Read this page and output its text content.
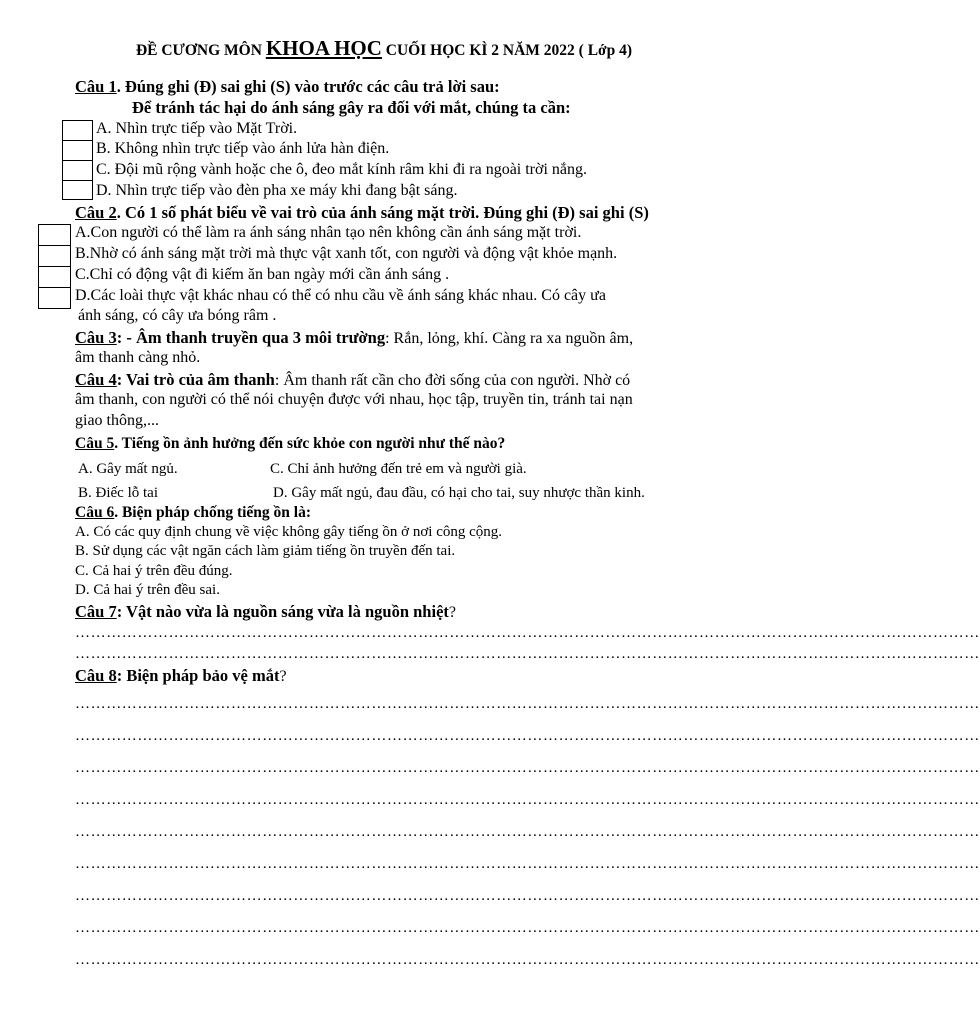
ĐỀ CƯƠNG MÔN KHOA HỌC CUỐI HỌC KÌ 2 NĂM 2022 ( Lớp 4)
Câu 1. Đúng ghi (Đ) sai ghi (S) vào trước các câu trả lời sau:
Để tránh tác hại do ánh sáng gây ra đối với mắt, chúng ta cần:
A. Nhìn trực tiếp vào Mặt Trời.
B. Không nhìn trực tiếp vào ánh lửa hàn điện.
C. Đội mũ rộng vành hoặc che ô, đeo mắt kính râm khi đi ra ngoài trời nắng.
D. Nhìn trực tiếp vào đèn pha xe máy khi đang bật sáng.
Câu 2. Có 1 số phát biểu về vai trò của ánh sáng mặt trời. Đúng ghi (Đ) sai ghi (S)
A.Con người có thể làm ra ánh sáng nhân tạo nên không cần ánh sáng mặt trời.
B.Nhờ có ánh sáng mặt trời mà thực vật xanh tốt, con người và động vật khỏe mạnh.
C.Chỉ có động vật đi kiếm ăn ban ngày mới cần ánh sáng .
D.Các loài thực vật khác nhau có thể có nhu cầu về ánh sáng khác nhau. Có cây ưa
ánh sáng, có cây ưa bóng râm .
Câu 3: - Âm thanh truyền qua 3 môi trường: Rắn, lỏng, khí. Càng ra xa nguồn âm,
âm thanh càng nhỏ.
Câu 4: Vai trò của âm thanh: Âm thanh rất cần cho đời sống của con người. Nhờ có
âm thanh, con người có thể nói chuyện được với nhau, học tập, truyền tin, tránh tai nạn
giao thông,...
Câu 5. Tiếng ồn ảnh hưởng đến sức khỏe con người như thế nào?
A. Gây mất ngủ.	C. Chỉ ảnh hưởng đến trẻ em và người già.
B. Điếc lỗ tai	D. Gây mất ngủ, đau đầu, có hại cho tai, suy nhược thần kinh.
Câu 6. Biện pháp chống tiếng ồn là:
A. Có các quy định chung về việc không gây tiếng ồn ở nơi công cộng.
B. Sử dụng các vật ngăn cách làm giảm tiếng ồn truyền đến tai.
C. Cả hai ý trên đều đúng.
D. Cả hai ý trên đều sai.
Câu 7: Vật nào vừa là nguồn sáng vừa là nguồn nhiệt?
…………………………………………………………………………………………………………………………………………………………
…………………………………………………………………………………………………………………………………………………………
Câu 8: Biện pháp bảo vệ mắt?
…………………………………………………………………………………………………………………………………………………………
…………………………………………………………………………………………………………………………………………………………
…………………………………………………………………………………………………………………………………………………………
…………………………………………………………………………………………………………………………………………………………
…………………………………………………………………………………………………………………………………………………………
…………………………………………………………………………………………………………………………………………………………
…………………………………………………………………………………………………………………………………………………………
…………………………………………………………………………………………………………………………………………………………
…………………………………………………………………………………………………………………………………………………………
